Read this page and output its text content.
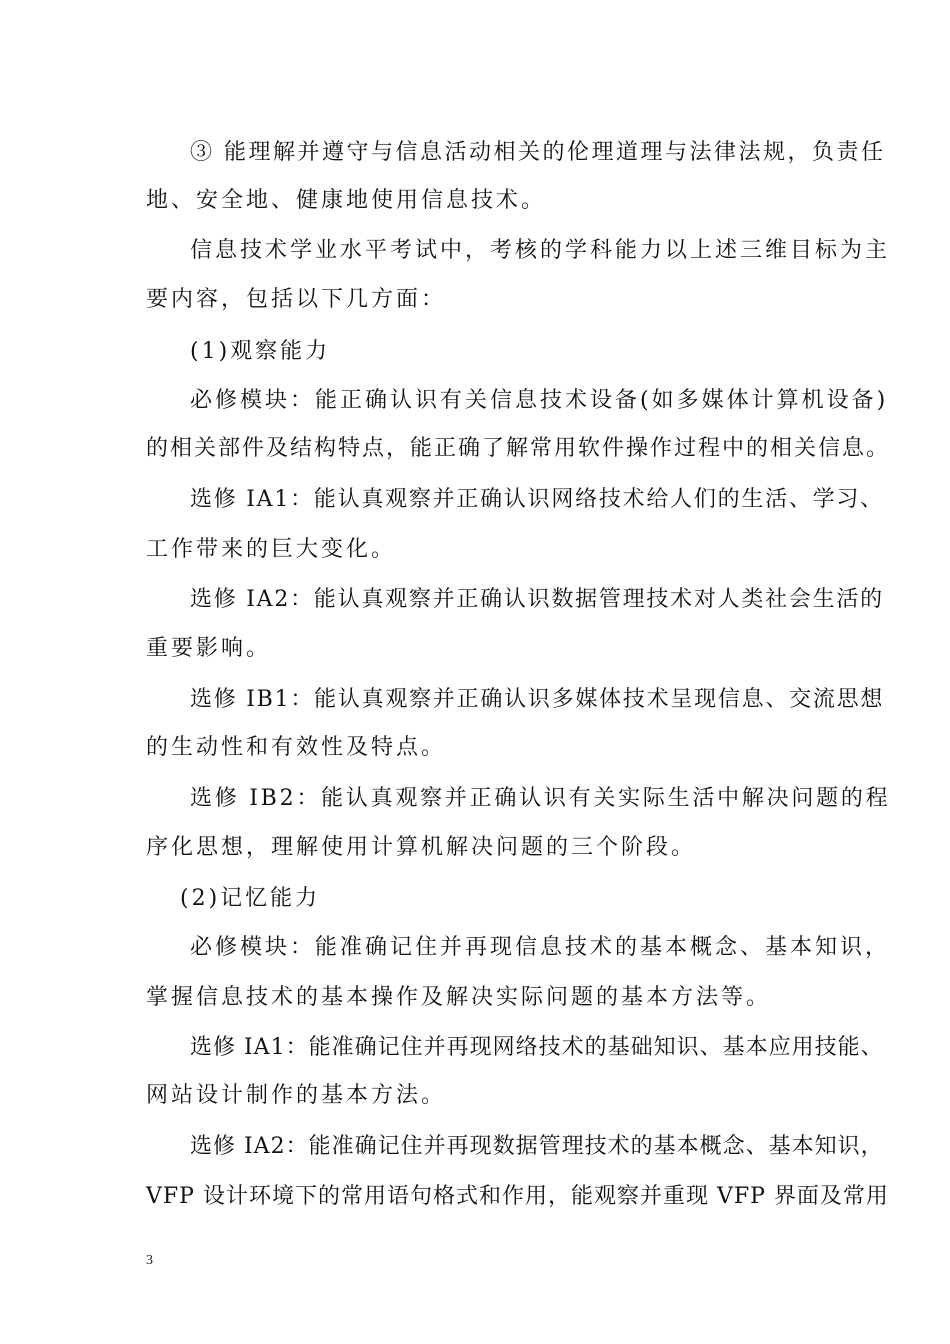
③ 能理解并遵守与信息活动相关的伦理道理与法律法规，负责任
地、安全地、健康地使用信息技术。
信息技术学业水平考试中，考核的学科能力以上述三维目标为主
要内容，包括以下几方面：
(1)观察能力
必修模块：能正确认识有关信息技术设备(如多媒体计算机设备)
的相关部件及结构特点，能正确了解常用软件操作过程中的相关信息。
选修 IA1：能认真观察并正确认识网络技术给人们的生活、学习、
工作带来的巨大变化。
选修 IA2：能认真观察并正确认识数据管理技术对人类社会生活的
重要影响。
选修 IB1：能认真观察并正确认识多媒体技术呈现信息、交流思想
的生动性和有效性及特点。
选修 IB2：能认真观察并正确认识有关实际生活中解决问题的程
序化思想，理解使用计算机解决问题的三个阶段。
(2)记忆能力
必修模块：能准确记住并再现信息技术的基本概念、基本知识，
掌握信息技术的基本操作及解决实际问题的基本方法等。
选修 IA1：能准确记住并再现网络技术的基础知识、基本应用技能、
网站设计制作的基本方法。
选修 IA2：能准确记住并再现数据管理技术的基本概念、基本知识，
VFP 设计环境下的常用语句格式和作用，能观察并重现 VFP 界面及常用
3
